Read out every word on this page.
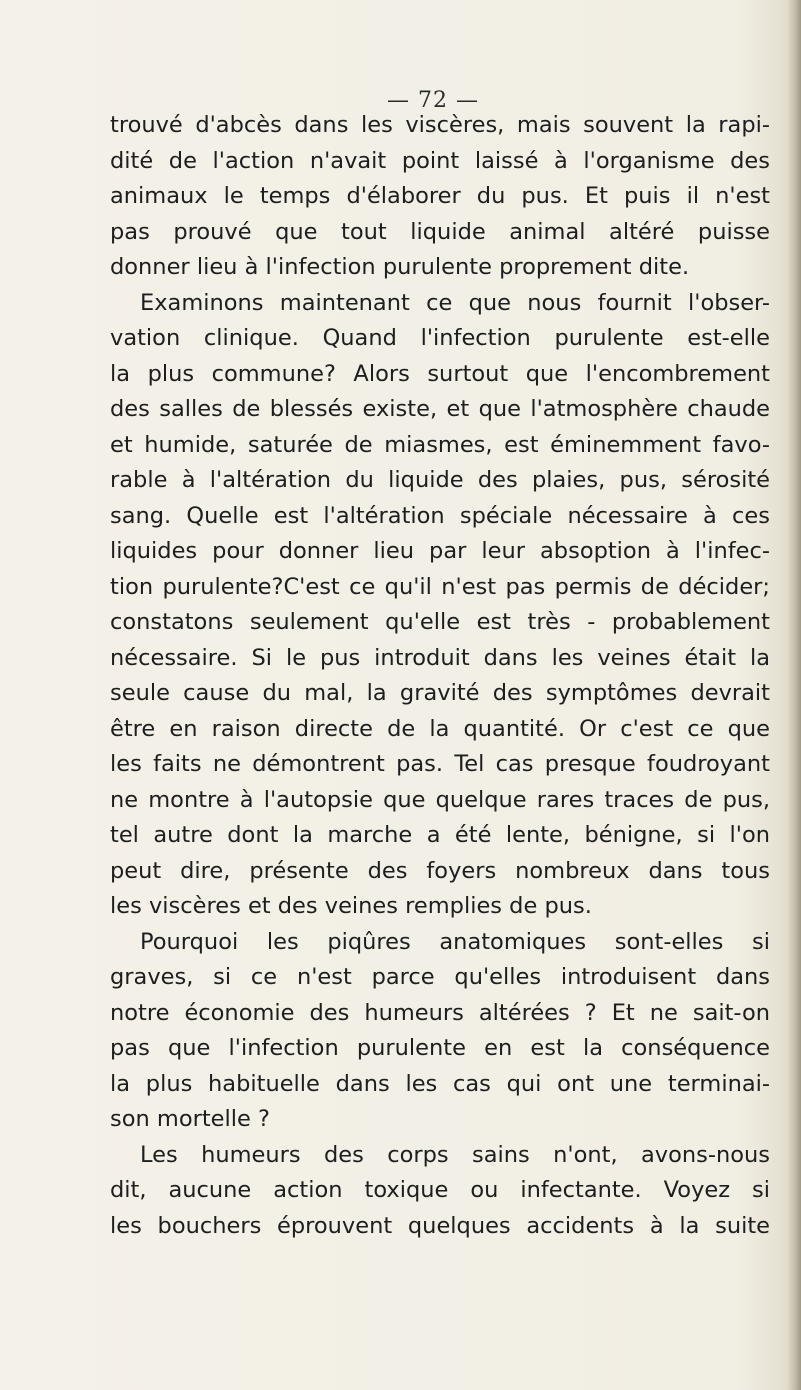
— 72 —
trouvé d'abcès dans les viscères, mais souvent la rapi-
dité de l'action n'avait point laissé à l'organisme des
animaux le temps d'élaborer du pus. Et puis il n'est
pas prouvé que tout liquide animal altéré puisse
donner lieu à l'infection purulente proprement dite.
Examinons maintenant ce que nous fournit l'obser-
vation clinique. Quand l'infection purulente est-elle
la plus commune? Alors surtout que l'encombrement
des salles de blessés existe, et que l'atmosphère chaude
et humide, saturée de miasmes, est éminemment favo-
rable à l'altération du liquide des plaies, pus, sérosité
sang. Quelle est l'altération spéciale nécessaire à ces
liquides pour donner lieu par leur absoption à l'infec-
tion purulente?C'est ce qu'il n'est pas permis de décider;
constatons seulement qu'elle est très - probablement
nécessaire. Si le pus introduit dans les veines était la
seule cause du mal, la gravité des symptômes devrait
être en raison directe de la quantité. Or c'est ce que
les faits ne démontrent pas. Tel cas presque foudroyant
ne montre à l'autopsie que quelque rares traces de pus,
tel autre dont la marche a été lente, bénigne, si l'on
peut dire, présente des foyers nombreux dans tous
les viscères et des veines remplies de pus.
Pourquoi les piqûres anatomiques sont-elles si
graves, si ce n'est parce qu'elles introduisent dans
notre économie des humeurs altérées ? Et ne sait-on
pas que l'infection purulente en est la conséquence
la plus habituelle dans les cas qui ont une terminai-
son mortelle ?
Les humeurs des corps sains n'ont, avons-nous
dit, aucune action toxique ou infectante. Voyez si
les bouchers éprouvent quelques accidents à la suite
